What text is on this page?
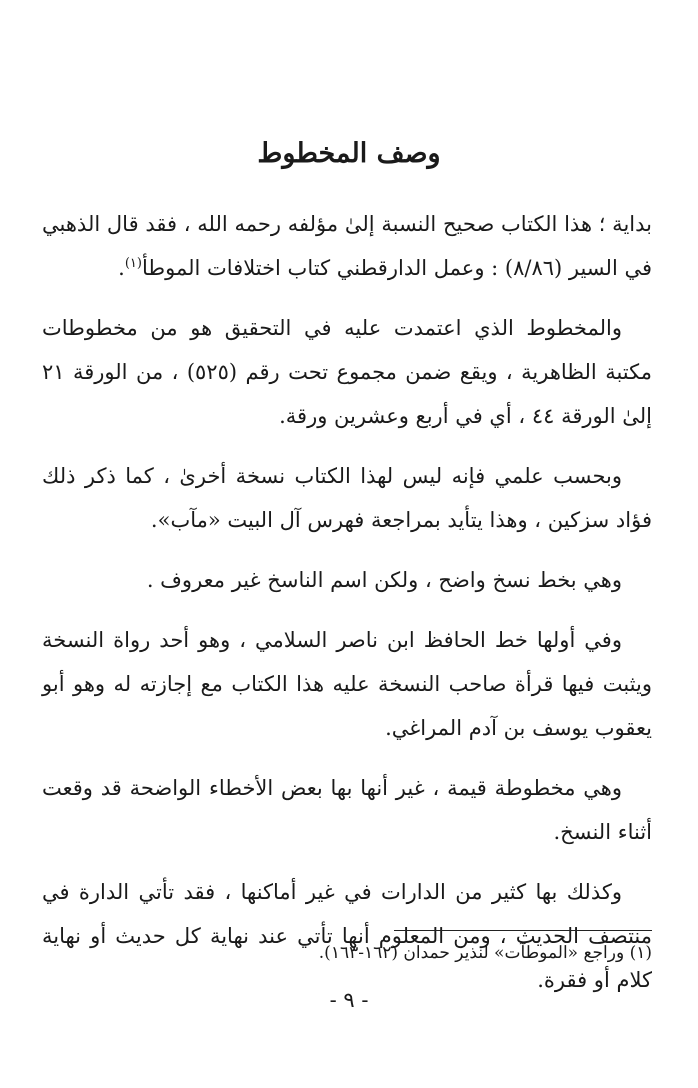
وصف المخطوط

بداية ؛ هذا الكتاب صحيح النسبة إلىٰ مؤلفه رحمه الله ، فقد قال الذهبي في السير (٨/٨٦) : وعمل الدارقطني كتاب اختلافات الموطأ$^{(١)}$.

والمخطوط الذي اعتمدت عليه في التحقيق هو من مخطوطات مكتبة الظاهرية ، ويقع ضمن مجموع تحت رقم (٥٢٥) ، من الورقة ٢١ إلىٰ الورقة ٤٤ ، أي في أربع وعشرين ورقة.

وبحسب علمي فإنه ليس لهذا الكتاب نسخة أخرىٰ ، كما ذكر ذلك فؤاد سزكين ، وهذا يتأيد بمراجعة فهرس آل البيت «مآب».

وهي بخط نسخ واضح ، ولكن اسم الناسخ غير معروف .

وفي أولها خط الحافظ ابن ناصر السلامي ، وهو أحد رواة النسخة ويثبت فيها قرأة صاحب النسخة عليه هذا الكتاب مع إجازته له وهو أبو يعقوب يوسف بن آدم المراغي.

وهي مخطوطة قيمة ، غير أنها بها بعض الأخطاء الواضحة قد وقعت أثناء النسخ.

وكذلك بها كثير من الدارات في غير أماكنها ، فقد تأتي الدارة في منتصف الحديث ، ومن المعلوم أنها تأتي عند نهاية كل حديث أو نهاية كلام أو فقرة.

(١) وراجع «الموطآت» لنذير حمدان (١٦٢-١٦٣).

- ٩ -
